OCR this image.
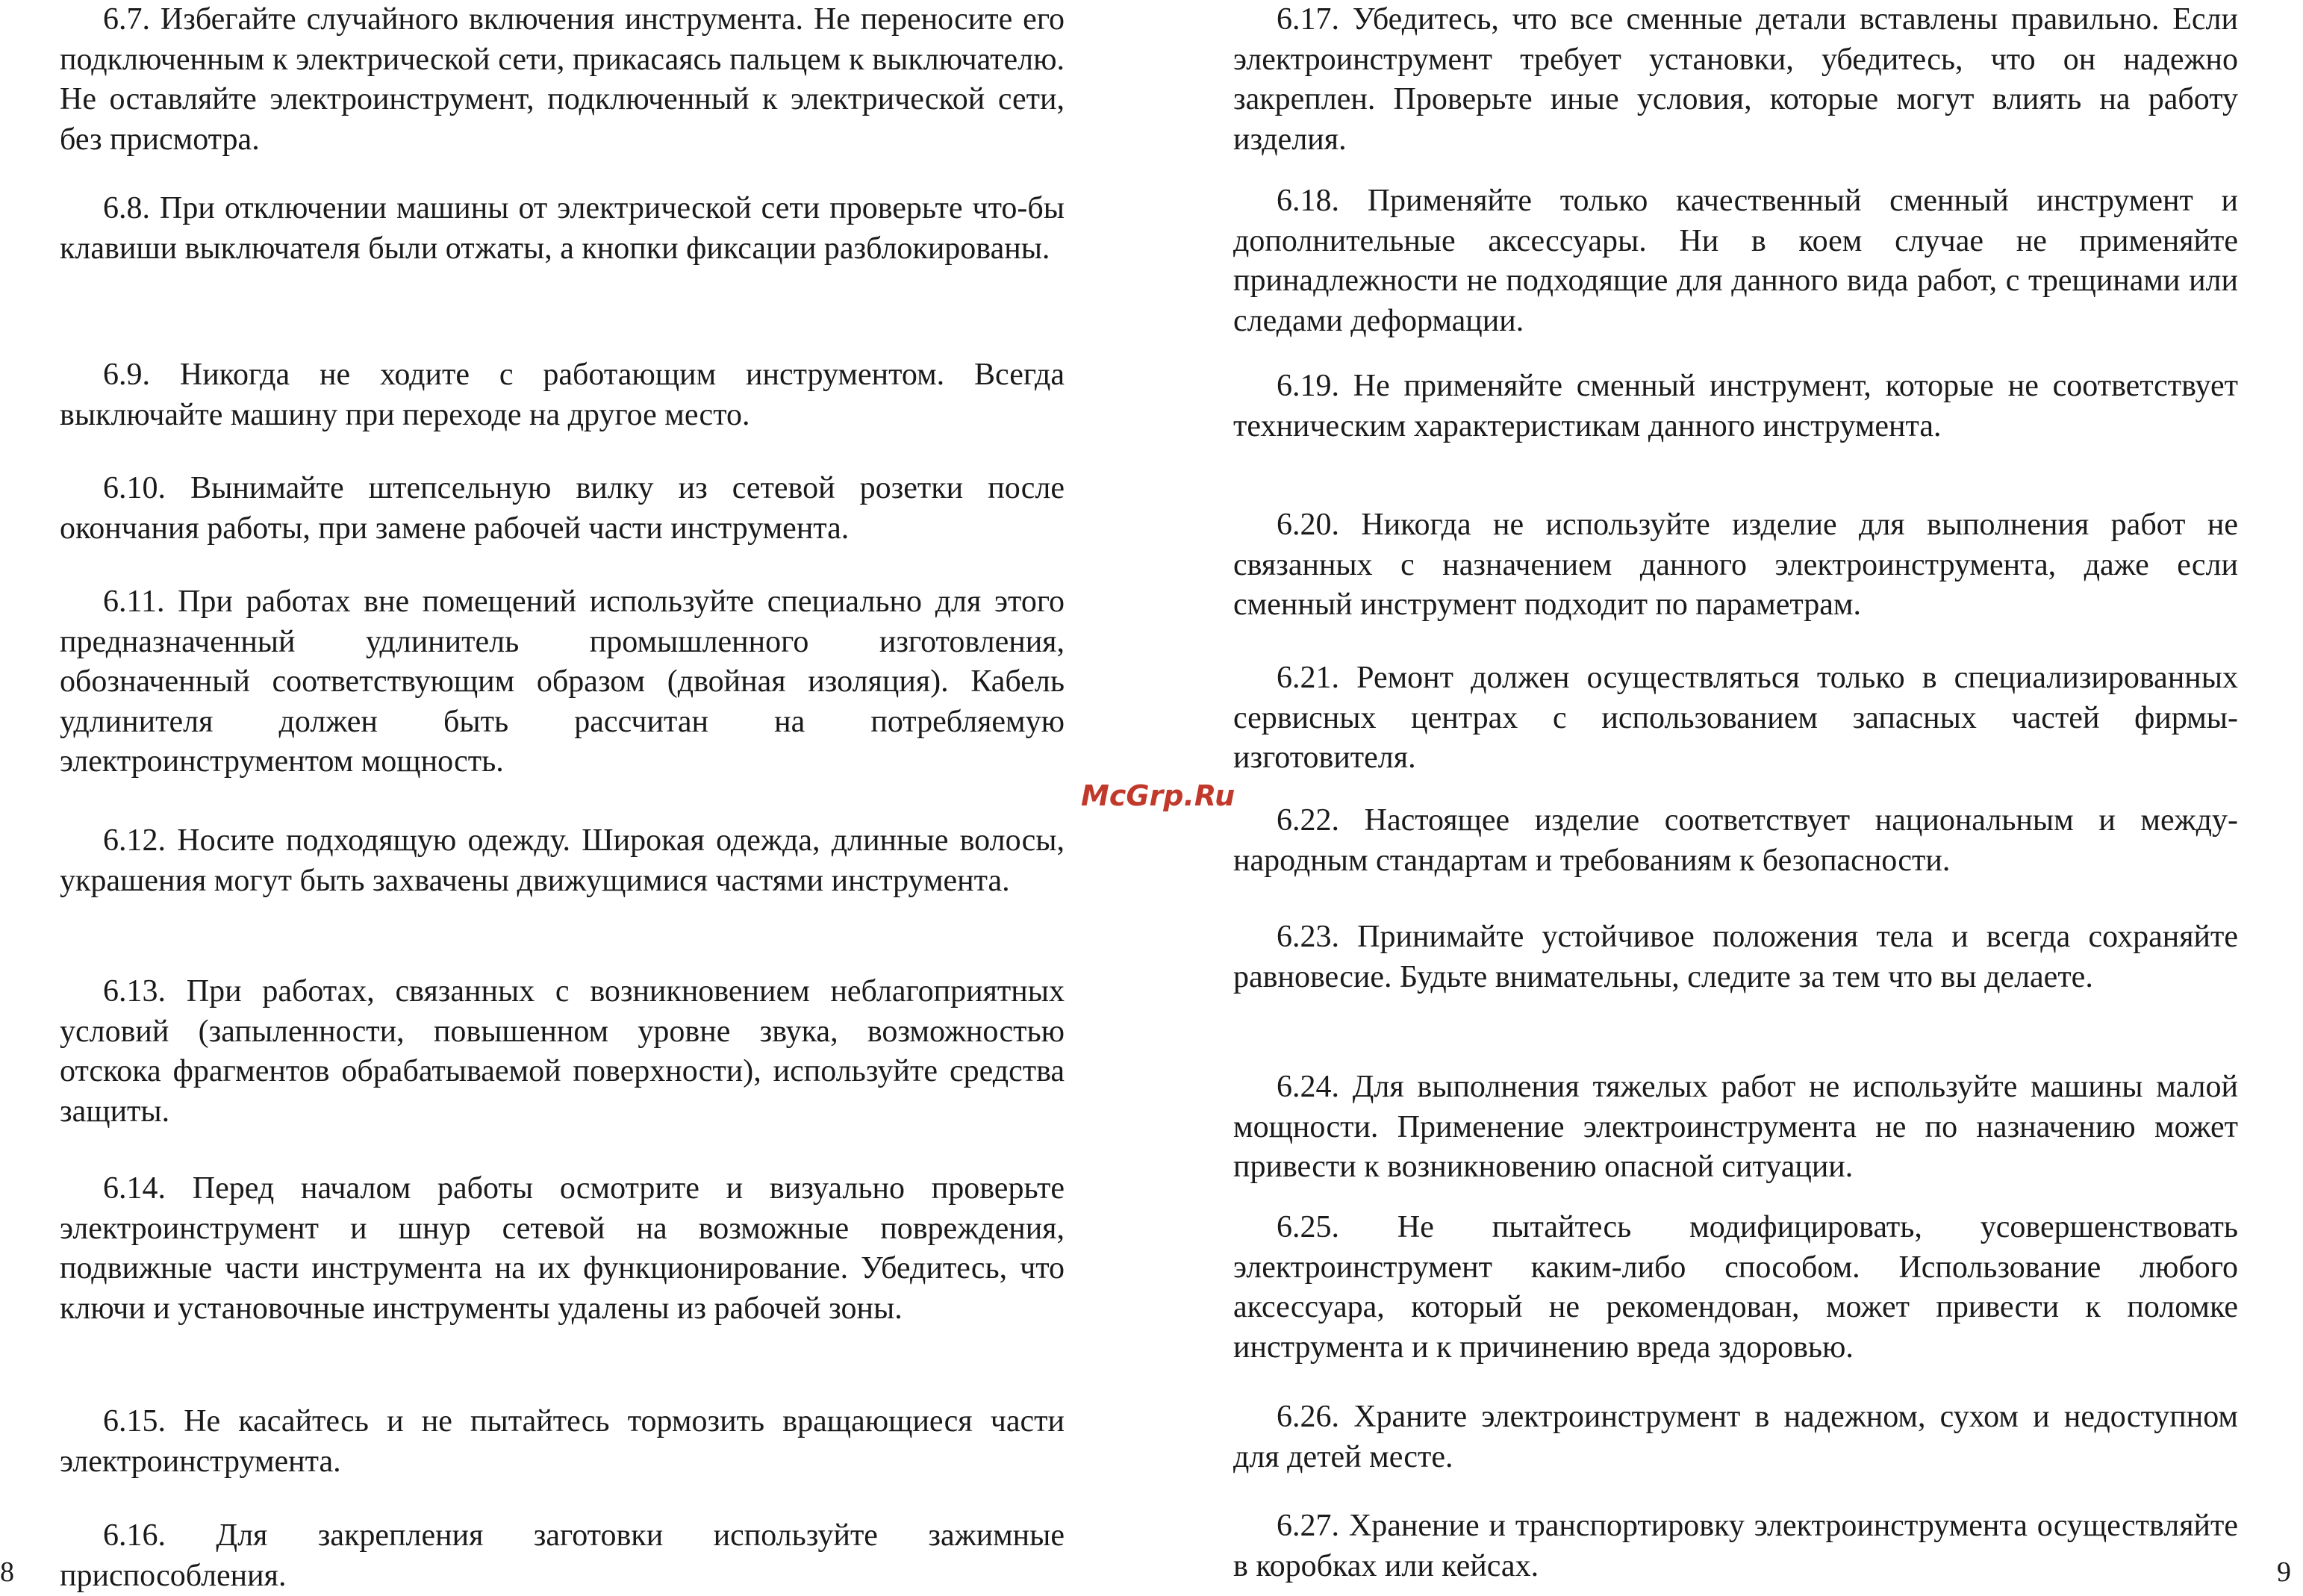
6.7. Избегайте случайного включения инструмента. Не переносите его подключенным к электрической сети, прикасаясь пальцем к выключателю. Не оставляйте электроинструмент, подключенный к электрической сети, без присмотра.

6.8. При отключении машины от электрической сети проверьте что-бы клавиши выключателя были отжаты, а кнопки фиксации разблокированы.

6.9. Никогда не ходите с работающим инструментом. Всегда выключайте машину при переходе на другое место.

6.10. Вынимайте штепсельную вилку из сетевой розетки после окончания работы, при замене рабочей части инструмента.

6.11. При работах вне помещений используйте специально для этого предназначенный удлинитель промышленного изготовления, обозначенный соответствующим образом (двойная изоляция). Кабель удлинителя должен быть рассчитан на потребляемую электроинструментом мощность.

6.12. Носите подходящую одежду. Широкая одежда, длинные волосы, украшения могут быть захвачены движущимися частями инструмента.

6.13. При работах, связанных с возникновением неблагоприятных условий (запыленности, повышенном уровне звука, возможностью отскока фрагментов обрабатываемой поверхности), используйте средства защиты.

6.14. Перед началом работы осмотрите и визуально проверьте электроинструмент и шнур сетевой на возможные повреждения, подвижные части инструмента на их функционирование. Убедитесь, что ключи и установочные инструменты удалены из рабочей зоны.

6.15. Не касайтесь и не пытайтесь тормозить вращающиеся части электроинструмента.

6.16. Для закрепления заготовки используйте зажимные приспособления.

6.17. Убедитесь, что все сменные детали вставлены правильно. Если электроинструмент требует установки, убедитесь, что он надежно закреплен. Проверьте иные условия, которые могут влиять на работу изделия.

6.18. Применяйте только качественный сменный инструмент и дополнительные аксессуары. Ни в коем случае не применяйте принадлежности не подходящие для данного вида работ, с трещинами или следами деформации.

6.19. Не применяйте сменный инструмент, которые не соответствует техническим характеристикам данного инструмента.

6.20. Никогда не используйте изделие для выполнения работ не связанных с назначением данного электроинструмента, даже если сменный инструмент подходит по параметрам.

6.21. Ремонт должен осуществляться только в специализированных сервисных центрах с использованием запасных частей фирмы-изготовителя.

6.22. Настоящее изделие соответствует национальным и между-народным стандартам и требованиям к безопасности.

6.23. Принимайте устойчивое положения тела и всегда сохраняйте равновесие. Будьте внимательны, следите за тем что вы делаете.

6.24. Для выполнения тяжелых работ не используйте машины малой мощности. Применение электроинструмента не по назначению может привести к возникновению опасной ситуации.

6.25. Не пытайтесь модифицировать, усовершенствовать электроинструмент каким-либо способом. Использование любого аксессуара, который не рекомендован, может привести к поломке инструмента и к причинению вреда здоровью.

6.26. Храните электроинструмент в надежном, сухом и недоступном для детей месте.

6.27. Хранение и транспортировку электроинструмента осуществляйте в коробках или кейсах.

McGrp.Ru
8	9
